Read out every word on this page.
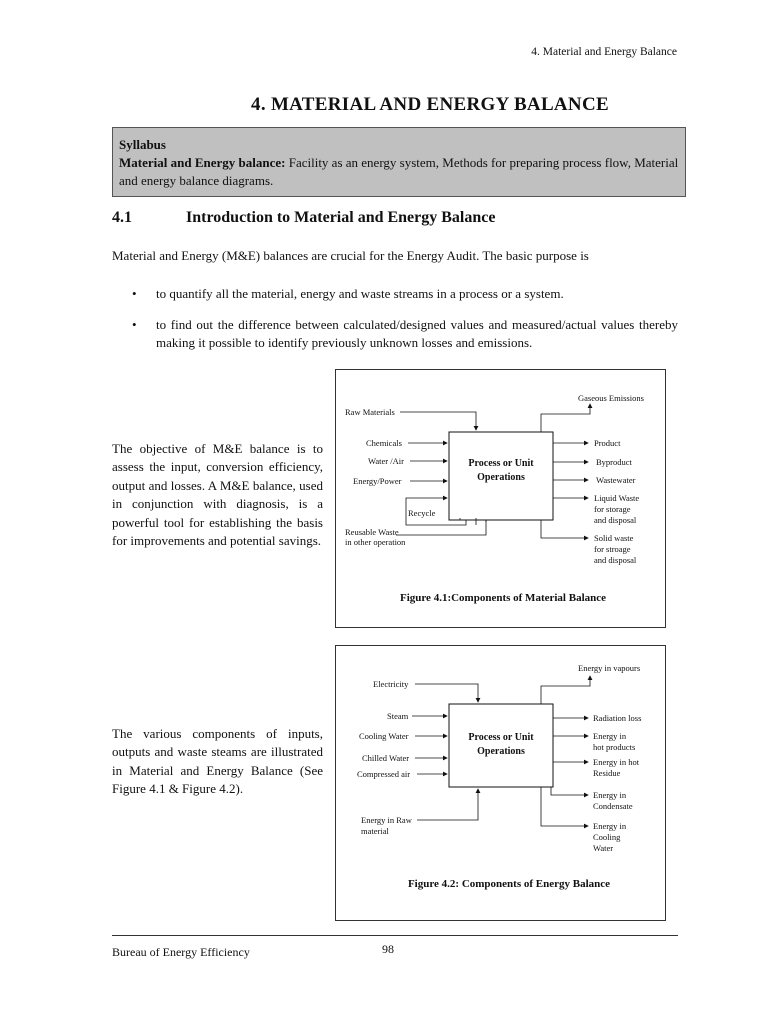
4. Material and Energy Balance
4. MATERIAL AND ENERGY BALANCE
Syllabus
Material and Energy balance: Facility as an energy system, Methods for preparing process flow, Material and energy balance diagrams.
4.1	Introduction to Material and Energy Balance
Material and Energy (M&E) balances are crucial for the Energy Audit. The basic purpose is
• to quantify all the material, energy and waste streams in a process or a system.
• to find out the difference between calculated/designed values and measured/actual values thereby making it possible to identify previously unknown losses and emissions.
The objective of M&E balance is to assess the input, conversion efficiency, output and losses. A M&E balance, used in conjunction with diagnosis, is a powerful tool for establishing the basis for improvements and potential savings.
The various components of inputs, outputs and waste steams are illustrated in Material and Energy Balance (See Figure 4.1 & Figure 4.2).
Process or Unit
Operations
Raw Materials
Chemicals
Water /Air
Energy/Power
Recycle
Reusable Waste
in other operation
Gaseous Emissions
Product
Byproduct
Wastewater
Liquid Waste
for storage
and disposal
Solid waste
for stroage
and disposal
Figure 4.1:Components of Material Balance
Process or Unit
Operations
Electricity
Steam
Cooling Water
Chilled Water
Compressed air
Energy in Raw
material
Energy in vapours
Radiation loss
Energy in
hot products
Energy in hot
Residue
Energy in
Condensate
Energy in
Cooling
Water
Figure 4.2: Components of Energy Balance
Bureau of Energy Efficiency	98
